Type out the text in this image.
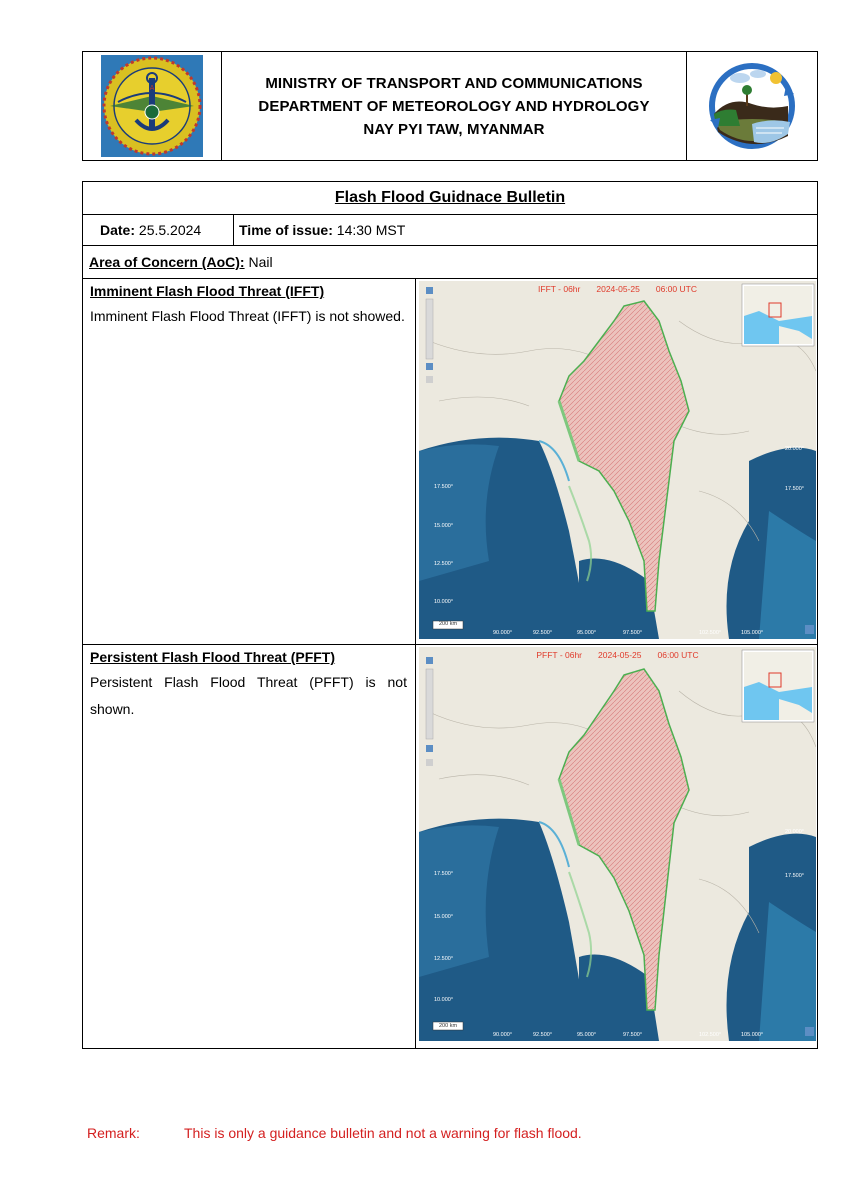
A	MINISTRY OF TRANSPORT AND COMMUNICATIONS
DEPARTMENT OF METEOROLOGY AND HYDROLOGY
NAY PYI TAW, MYANMAR
Flash Flood Guidnace Bulletin
Date:
25.5.2024	Time of issue:
14:30 MST
Area of Concern (AoC):
Nail
Imminent Flash Flood Threat (IFFT)
Imminent Flash Flood Threat (IFFT) is not showed.
IFFT - 06hr 2024-05-25 06:00 UTC
17.500°
15.000°
12.500°
10.000°
20.000°
17.500°
90.000°	92.500°	95.000°	97.500°	102.500°	105.000°
200 km
Persistent Flash Flood Threat (PFFT)
Persistent Flash Flood Threat (PFFT) is not shown.
PFFT - 06hr 2024-05-25 06:00 UTC
17.500°
15.000°
12.500°
10.000°
20.000°
17.500°
90.000°	92.500°	95.000°	97.500°	102.500°	105.000°
200 km
Remark:	This is only a guidance bulletin and not a warning for flash flood.
